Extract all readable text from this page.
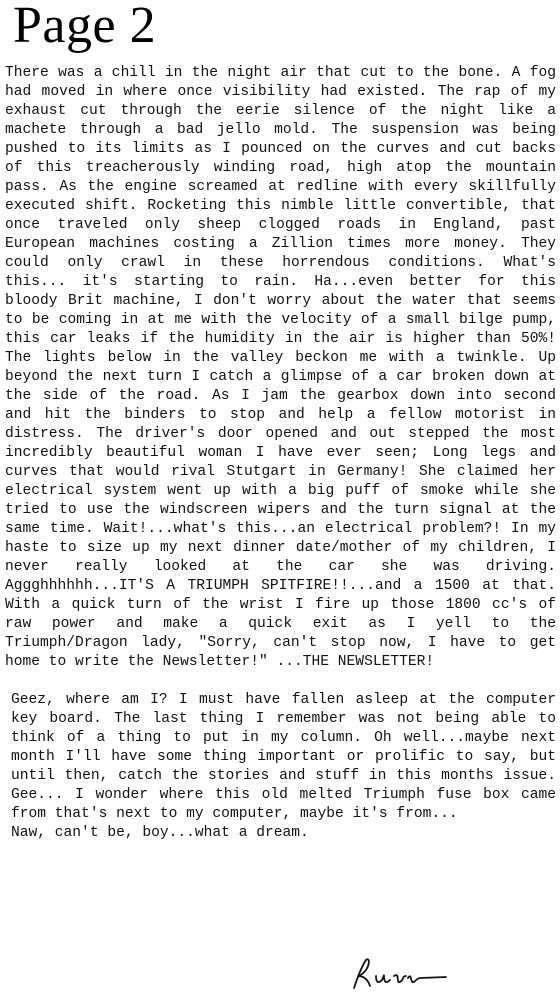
Page 2

There was a chill in the night air that cut to the bone. A fog had moved in where once visibility had existed. The rap of my exhaust cut through the eerie silence of the night like a machete through a bad jello mold. The suspension was being pushed to its limits as I pounced on the curves and cut backs of this treacherously winding road, high atop the mountain pass. As the engine screamed at redline with every skillfully executed shift. Rocketing this nimble little convertible, that once traveled only sheep clogged roads in England, past European machines costing a Zillion times more money. They could only crawl in these horrendous conditions. What's this... it's starting to rain. Ha...even better for this bloody Brit machine, I don't worry about the water that seems to be coming in at me with the velocity of a small bilge pump, this car leaks if the humidity in the air is higher than 50%! The lights below in the valley beckon me with a twinkle. Up beyond the next turn I catch a glimpse of a car broken down at the side of the road. As I jam the gearbox down into second and hit the binders to stop and help a fellow motorist in distress. The driver's door opened and out stepped the most incredibly beautiful woman I have ever seen; Long legs and curves that would rival Stutgart in Germany! She claimed her electrical system went up with a big puff of smoke while she tried to use the windscreen wipers and the turn signal at the same time. Wait!...what's this...an electrical problem?! In my haste to size up my next dinner date/mother of my children, I never really looked at the car she was driving. Aggghhhhhh...IT'S A TRIUMPH SPITFIRE!!...and a 1500 at that. With a quick turn of the wrist I fire up those 1800 cc's of raw power and make a quick exit as I yell to the Triumph/Dragon lady, "Sorry, can't stop now, I have to get home to write the Newsletter!" ...THE NEWSLETTER!

Geez, where am I? I must have fallen asleep at the computer key board. The last thing I remember was not being able to think of a thing to put in my column. Oh well...maybe next month I'll have some thing important or prolific to say, but until then, catch the stories and stuff in this months issue. Gee... I wonder where this old melted Triumph fuse box came from that's next to my computer, maybe it's from...
Naw, can't be, boy...what a dream.
